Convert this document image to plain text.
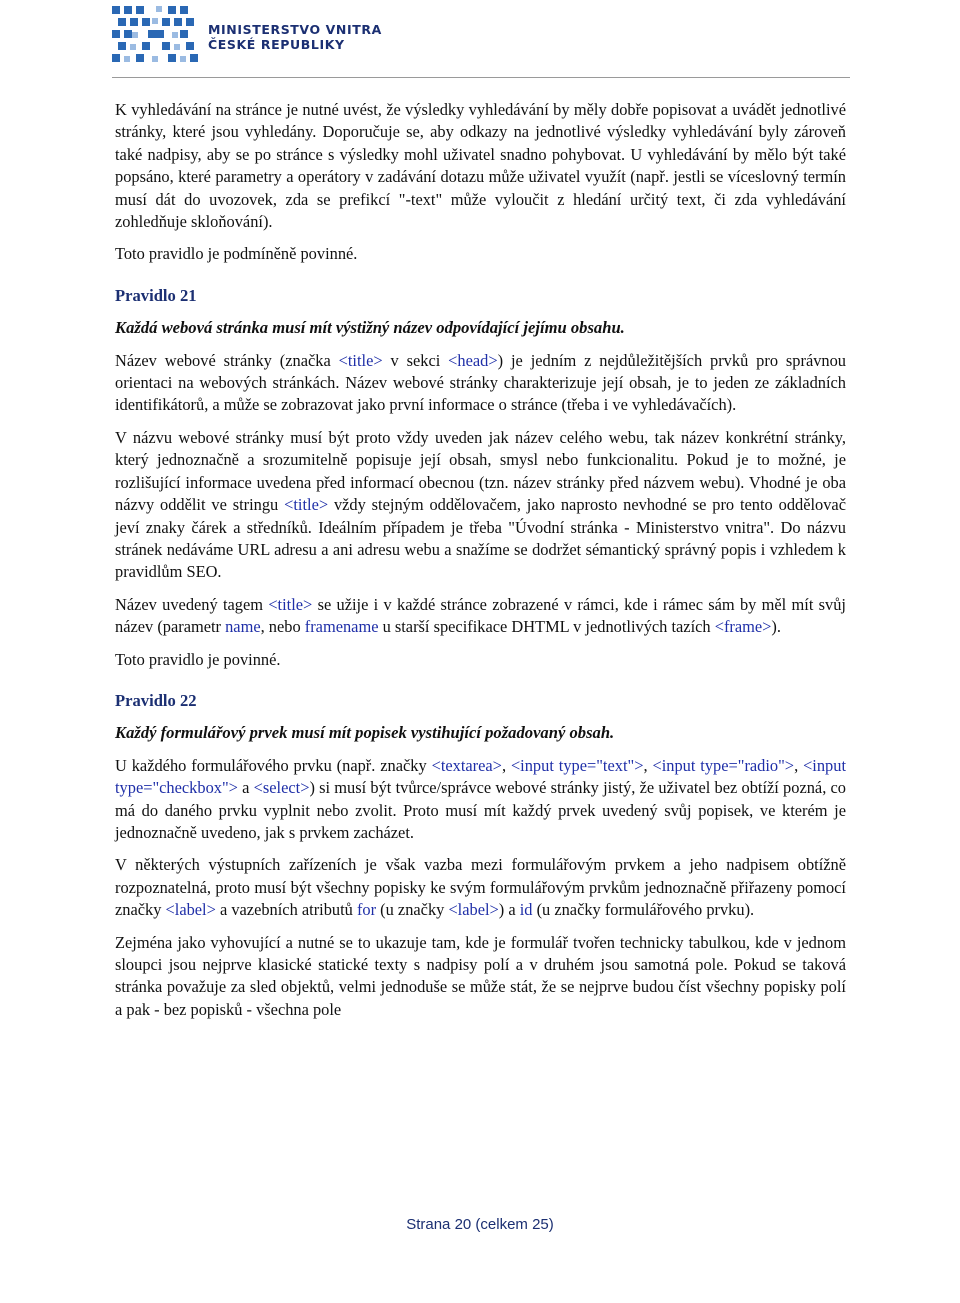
MINISTERSTVO VNITRA
ČESKÉ REPUBLIKY

K vyhledávání na stránce je nutné uvést, že výsledky vyhledávání by měly dobře popisovat a uvádět jednotlivé stránky, které jsou vyhledány. Doporučuje se, aby odkazy na jednotlivé výsledky vyhledávání byly zároveň také nadpisy, aby se po stránce s výsledky mohl uživatel snadno pohybovat. U vyhledávání by mělo být také popsáno, které parametry a operátory v zadávání dotazu může uživatel využít (např. jestli se víceslovný termín musí dát do uvozovek, zda se prefikcí "-text" může vyloučit z hledání určitý text, či zda vyhledávání zohledňuje skloňování).

Toto pravidlo je podmíněně povinné.

Pravidlo 21
Každá webová stránka musí mít výstižný název odpovídající jejímu obsahu.

Název webové stránky (značka <title> v sekci <head>) je jedním z nejdůležitějších prvků pro správnou orientaci na webových stránkách. Název webové stránky charakterizuje její obsah, je to jeden ze základních identifikátorů, a může se zobrazovat jako první informace o stránce (třeba i ve vyhledávačích).

V názvu webové stránky musí být proto vždy uveden jak název celého webu, tak název konkrétní stránky, který jednoznačně a srozumitelně popisuje její obsah, smysl nebo funkcionalitu. Pokud je to možné, je rozlišující informace uvedena před informací obecnou (tzn. název stránky před názvem webu). Vhodné je oba názvy oddělit ve stringu <title> vždy stejným oddělovačem, jako naprosto nevhodné se pro tento oddělovač jeví znaky čárek a středníků. Ideálním případem je třeba "Úvodní stránka - Ministerstvo vnitra". Do názvu stránek nedáváme URL adresu a ani adresu webu a snažíme se dodržet sémantický správný popis i vzhledem k pravidlům SEO.

Název uvedený tagem <title> se užije i v každé stránce zobrazené v rámci, kde i rámec sám by měl mít svůj název (parametr name, nebo framename u starší specifikace DHTML v jednotlivých tazích <frame>).

Toto pravidlo je povinné.

Pravidlo 22
Každý formulářový prvek musí mít popisek vystihující požadovaný obsah.

U každého formulářového prvku (např. značky <textarea>, <input type="text">, <input type="radio">, <input type="checkbox"> a <select>) si musí být tvůrce/správce webové stránky jistý, že uživatel bez obtíží pozná, co má do daného prvku vyplnit nebo zvolit. Proto musí mít každý prvek uvedený svůj popisek, ve kterém je jednoznačně uvedeno, jak s prvkem zacházet.

V některých výstupních zařízeních je však vazba mezi formulářovým prvkem a jeho nadpisem obtížně rozpoznatelná, proto musí být všechny popisky ke svým formulářovým prvkům jednoznačně přiřazeny pomocí značky <label> a vazebních atributů for (u značky <label>) a id (u značky formulářového prvku).

Zejména jako vyhovující a nutné se to ukazuje tam, kde je formulář tvořen technicky tabulkou, kde v jednom sloupci jsou nejprve klasické statické texty s nadpisy polí a v druhém jsou samotná pole. Pokud se taková stránka považuje za sled objektů, velmi jednoduše se může stát, že se nejprve budou číst všechny popisky polí a pak - bez popisků - všechna pole

Strana 20 (celkem 25)
